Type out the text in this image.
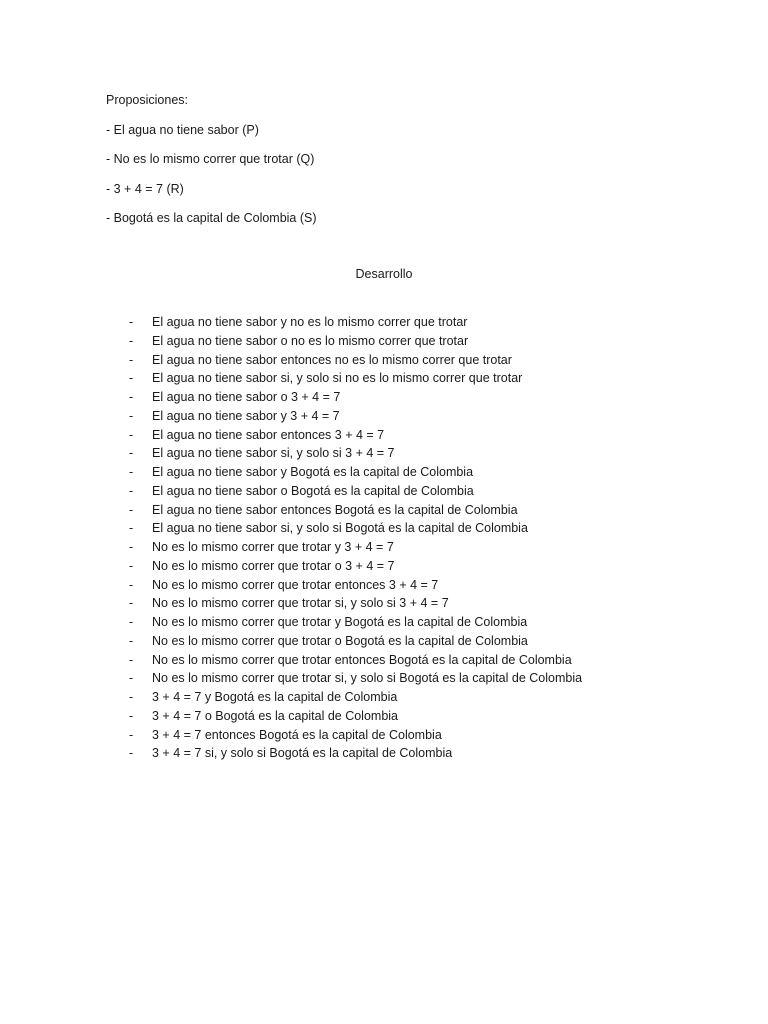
Proposiciones:
- El agua no tiene sabor (P)
- No es lo mismo correr que trotar (Q)
- 3 + 4 = 7 (R)
- Bogotá es la capital de Colombia (S)
Desarrollo
- El agua no tiene sabor y no es lo mismo correr que trotar
- El agua no tiene sabor o no es lo mismo correr que trotar
- El agua no tiene sabor entonces no es lo mismo correr que trotar
- El agua no tiene sabor si, y solo si no es lo mismo correr que trotar
- El agua no tiene sabor o 3 + 4 = 7
- El agua no tiene sabor y 3 + 4 = 7
- El agua no tiene sabor entonces 3 + 4 = 7
- El agua no tiene sabor si, y solo si 3 + 4 = 7
- El agua no tiene sabor y Bogotá es la capital de Colombia
- El agua no tiene sabor o Bogotá es la capital de Colombia
- El agua no tiene sabor entonces Bogotá es la capital de Colombia
- El agua no tiene sabor si, y solo si Bogotá es la capital de Colombia
- No es lo mismo correr que trotar y 3 + 4 = 7
- No es lo mismo correr que trotar o 3 + 4 = 7
- No es lo mismo correr que trotar entonces 3 + 4 = 7
- No es lo mismo correr que trotar si, y solo si 3 + 4 = 7
- No es lo mismo correr que trotar y Bogotá es la capital de Colombia
- No es lo mismo correr que trotar o Bogotá es la capital de Colombia
- No es lo mismo correr que trotar entonces Bogotá es la capital de Colombia
- No es lo mismo correr que trotar si, y solo si Bogotá es la capital de Colombia
- 3 + 4 = 7 y Bogotá es la capital de Colombia
- 3 + 4 = 7 o Bogotá es la capital de Colombia
- 3 + 4 = 7 entonces Bogotá es la capital de Colombia
- 3 + 4 = 7 si, y solo si Bogotá es la capital de Colombia
